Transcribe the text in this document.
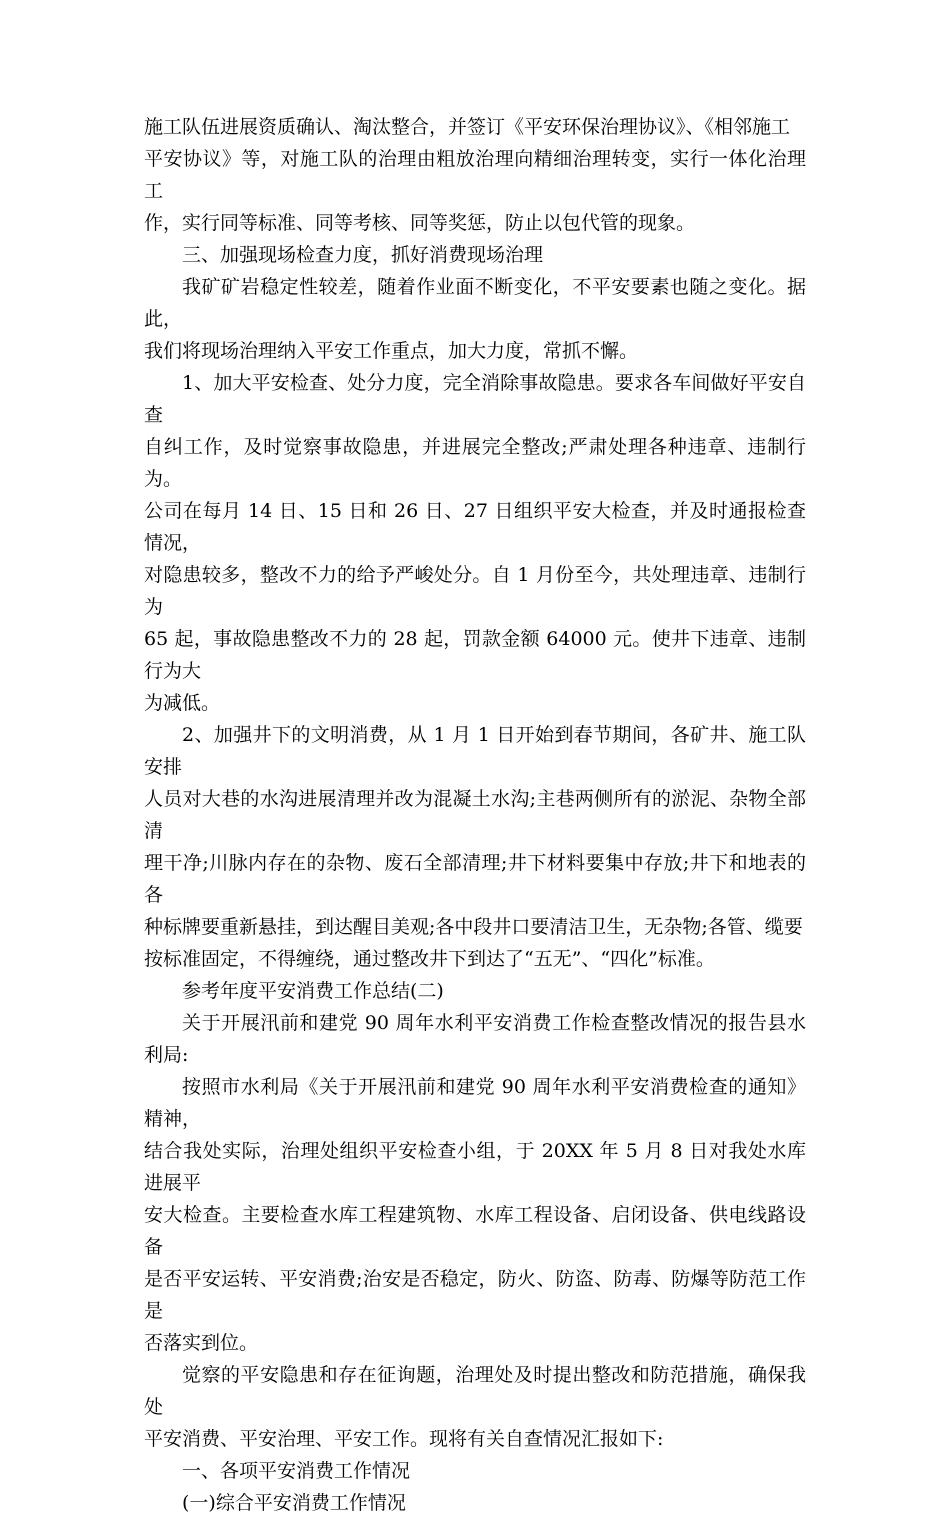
施工队伍进展资质确认、淘汰整合，并签订《平安环保治理协议》、《相邻施工
平安协议》等，对施工队的治理由粗放治理向精细治理转变，实行一体化治理工
作，实行同等标准、同等考核、同等奖惩，防止以包代管的现象。

三、加强现场检查力度，抓好消费现场治理

我矿矿岩稳定性较差，随着作业面不断变化，不平安要素也随之变化。据此，
我们将现场治理纳入平安工作重点，加大力度，常抓不懈。

1、加大平安检查、处分力度，完全消除事故隐患。要求各车间做好平安自查
自纠工作，及时觉察事故隐患，并进展完全整改;严肃处理各种违章、违制行为。
公司在每月 14 日、15 日和 26 日、27 日组织平安大检查，并及时通报检查情况，
对隐患较多，整改不力的给予严峻处分。自 1 月份至今，共处理违章、违制行为
65 起，事故隐患整改不力的 28 起，罚款金额 64000 元。使井下违章、违制行为大
为减低。

2、加强井下的文明消费，从 1 月 1 日开始到春节期间，各矿井、施工队安排
人员对大巷的水沟进展清理并改为混凝土水沟;主巷两侧所有的淤泥、杂物全部清
理干净;川脉内存在的杂物、废石全部清理;井下材料要集中存放;井下和地表的各
种标牌要重新悬挂，到达醒目美观;各中段井口要清洁卫生，无杂物;各管、缆要
按标准固定，不得缠绕，通过整改井下到达了“五无”、“四化”标准。

参考年度平安消费工作总结(二)

关于开展汛前和建党 90 周年水利平安消费工作检查整改情况的报告县水利局:

按照市水利局《关于开展汛前和建党 90 周年水利平安消费检查的通知》精神，
结合我处实际，治理处组织平安检查小组，于 20XX 年 5 月 8 日对我处水库进展平
安大检查。主要检查水库工程建筑物、水库工程设备、启闭设备、供电线路设备
是否平安运转、平安消费;治安是否稳定，防火、防盗、防毒、防爆等防范工作是
否落实到位。

觉察的平安隐患和存在征询题，治理处及时提出整改和防范措施，确保我处
平安消费、平安治理、平安工作。现将有关自查情况汇报如下:

一、各项平安消费工作情况

(一)综合平安消费工作情况
